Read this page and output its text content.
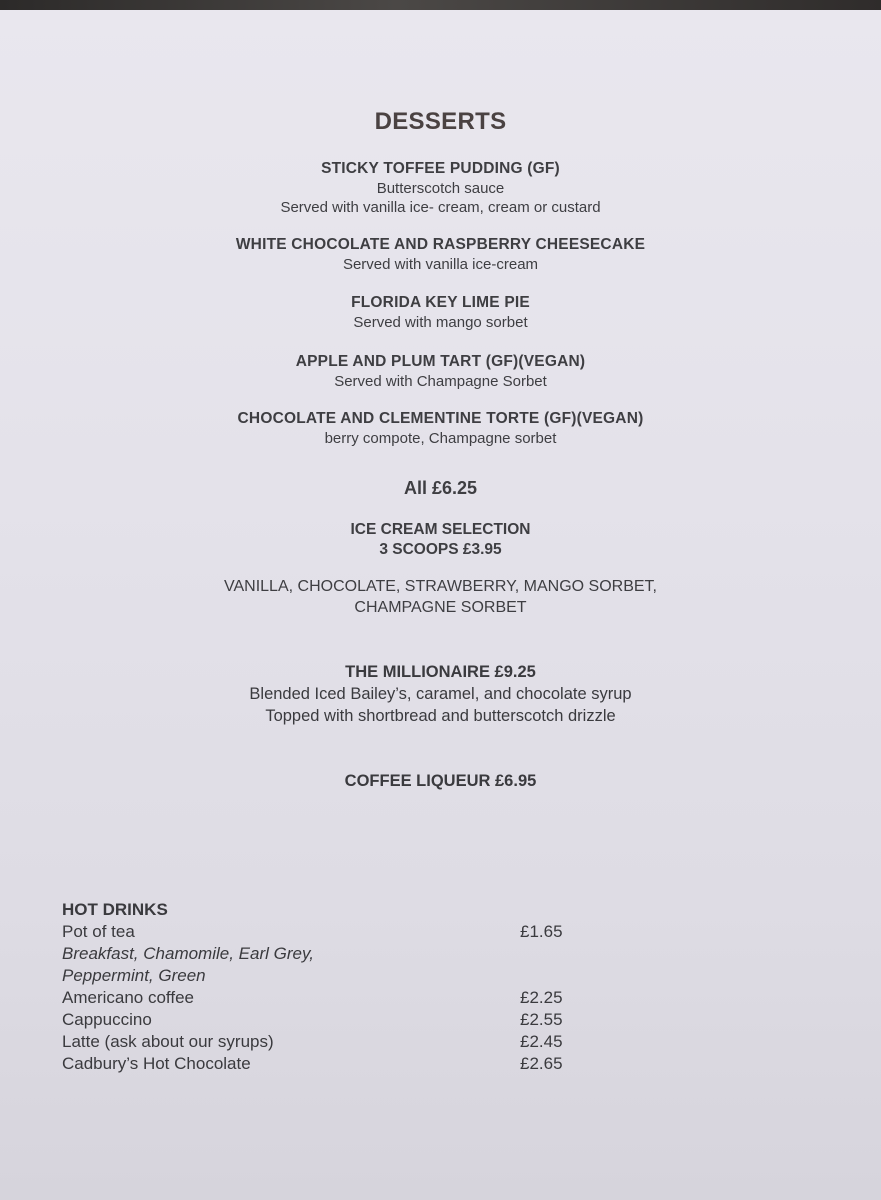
DESSERTS
STICKY TOFFEE PUDDING (GF)
Butterscotch sauce
Served with vanilla ice- cream, cream or custard
WHITE CHOCOLATE AND RASPBERRY CHEESECAKE
Served with vanilla ice-cream
FLORIDA KEY LIME PIE
Served with mango sorbet
APPLE AND PLUM TART (GF)(VEGAN)
Served with Champagne Sorbet
CHOCOLATE AND CLEMENTINE TORTE (GF)(VEGAN)
berry compote, Champagne sorbet
All £6.25
ICE CREAM SELECTION
3 SCOOPS £3.95
VANILLA, CHOCOLATE, STRAWBERRY, MANGO SORBET,
CHAMPAGNE SORBET
THE MILLIONAIRE £9.25
Blended Iced Bailey’s, caramel, and chocolate syrup
Topped with shortbread and butterscotch drizzle
COFFEE LIQUEUR £6.95
HOT DRINKS
Pot of tea	£1.65
Breakfast, Chamomile, Earl Grey,
Peppermint, Green
Americano coffee	£2.25
Cappuccino	£2.55
Latte (ask about our syrups)	£2.45
Cadbury’s Hot Chocolate	£2.65
